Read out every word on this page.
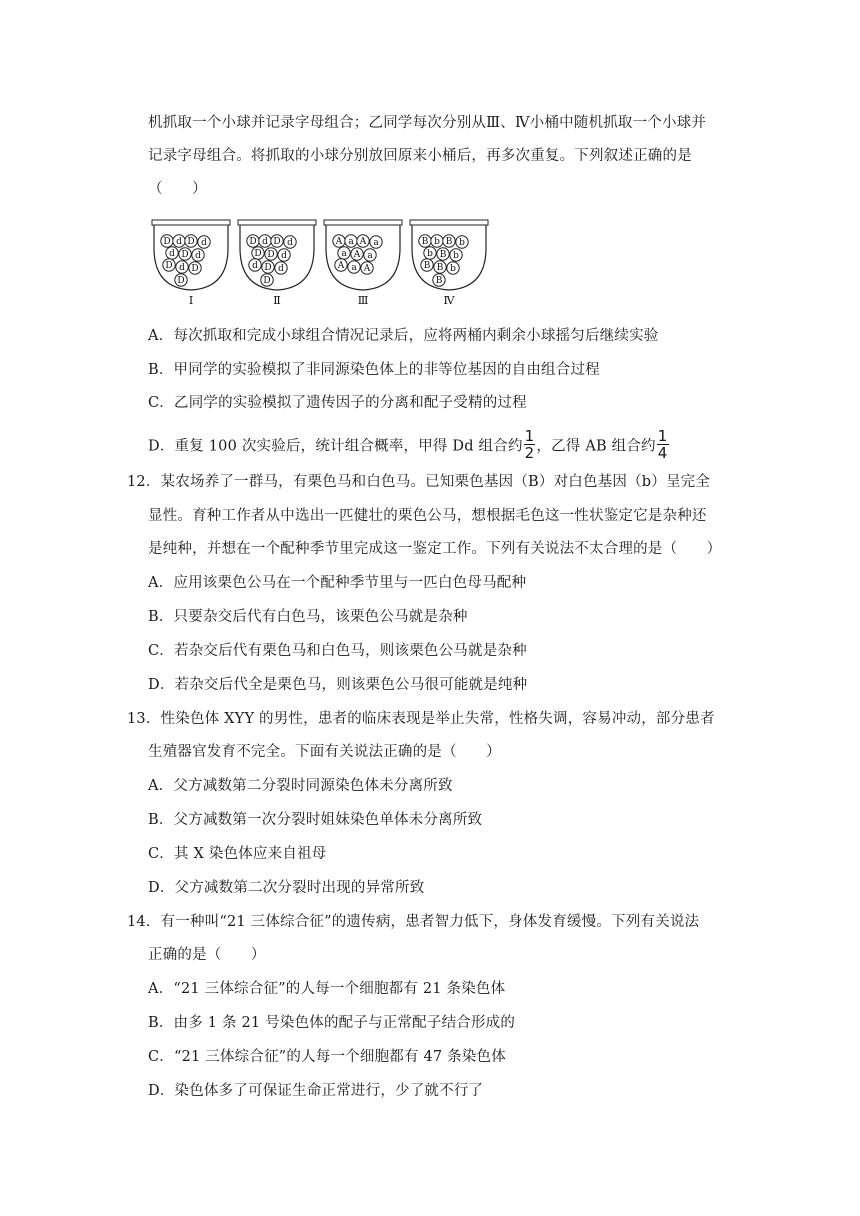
机抓取一个小球并记录字母组合；乙同学每次分别从Ⅲ、Ⅳ小桶中随机抓取一个小球并
记录字母组合。将抓取的小球分别放回原来小桶后，再多次重复。下列叙述正确的是
（　　）
D d D d
d D d
D d D
D
Ⅰ
D d D d
D D d
d D d
D
Ⅱ
A a A a
a A a
A a A
Ⅲ
B b B b
b B b
B B b
B
Ⅳ
A．每次抓取和完成小球组合情况记录后，应将两桶内剩余小球摇匀后继续实验
B．甲同学的实验模拟了非同源染色体上的非等位基因的自由组合过程
C．乙同学的实验模拟了遗传因子的分离和配子受精的过程
D．重复 100 次实验后，统计组合概率，甲得 Dd 组合约 $\frac{1}{2}$ ，乙得 AB 组合约 $\frac{1}{4}$
12．某农场养了一群马，有栗色马和白色马。已知栗色基因（B）对白色基因（b）呈完全
显性。育种工作者从中选出一匹健壮的栗色公马，想根据毛色这一性状鉴定它是杂种还
是纯种，并想在一个配种季节里完成这一鉴定工作。下列有关说法不太合理的是（　　）
A．应用该栗色公马在一个配种季节里与一匹白色母马配种
B．只要杂交后代有白色马，该栗色公马就是杂种
C．若杂交后代有栗色马和白色马，则该栗色公马就是杂种
D．若杂交后代全是栗色马，则该栗色公马很可能就是纯种
13．性染色体 XYY 的男性，患者的临床表现是举止失常，性格失调，容易冲动，部分患者
生殖器官发育不完全。下面有关说法正确的是（　　）
A．父方减数第二分裂时同源染色体未分离所致
B．父方减数第一次分裂时姐妹染色单体未分离所致
C．其 X 染色体应来自祖母
D．父方减数第二次分裂时出现的异常所致
14．有一种叫“21 三体综合征”的遗传病，患者智力低下，身体发育缓慢。下列有关说法
正确的是（　　）
A．“21 三体综合征”的人每一个细胞都有 21 条染色体
B．由多 1 条 21 号染色体的配子与正常配子结合形成的
C．“21 三体综合征”的人每一个细胞都有 47 条染色体
D．染色体多了可保证生命正常进行，少了就不行了
